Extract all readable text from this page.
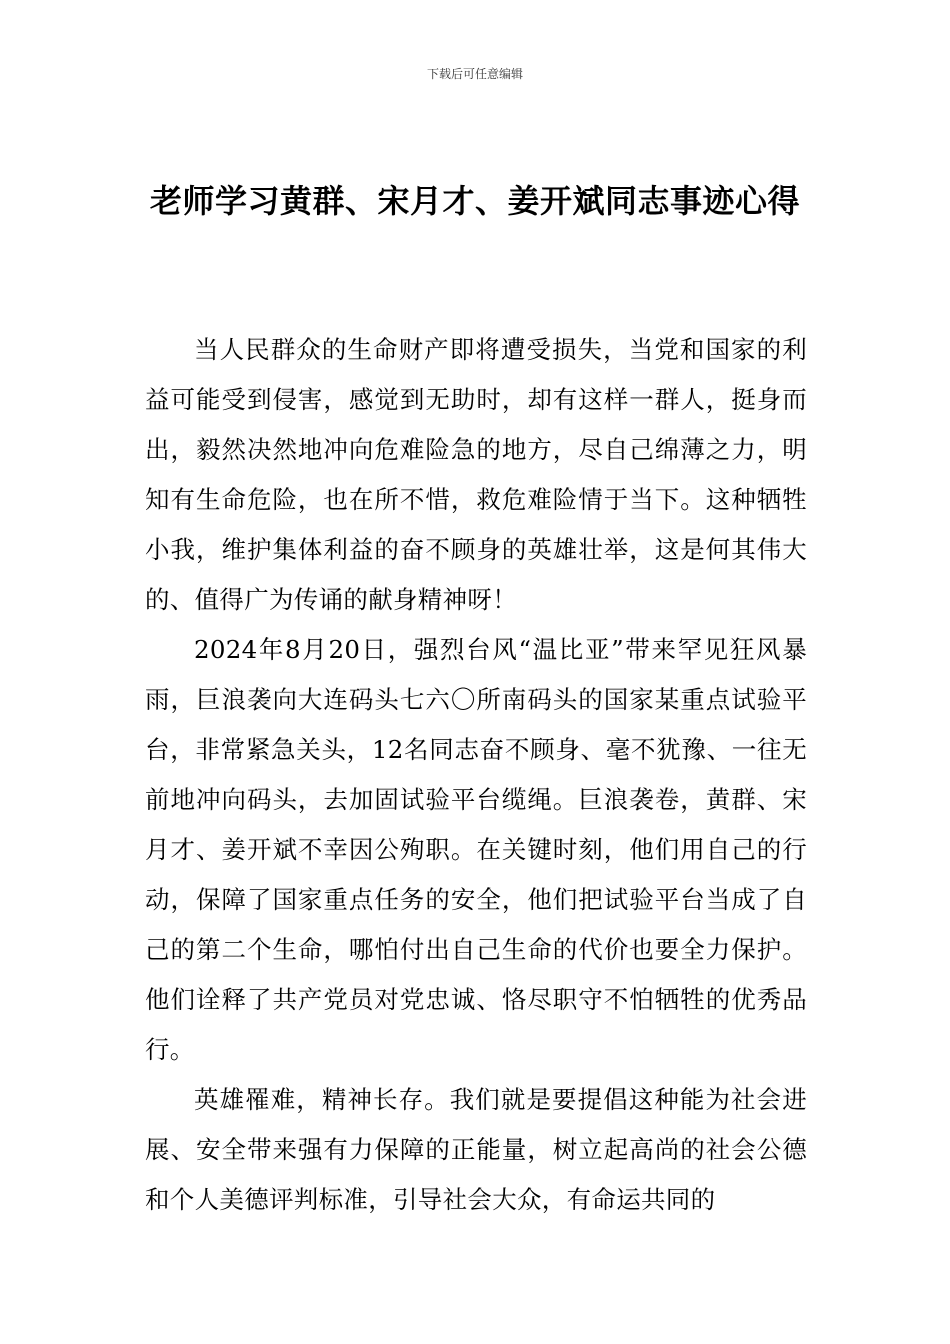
下载后可任意编辑
老师学习黄群、宋月才、姜开斌同志事迹心得

当人民群众的生命财产即将遭受损失，当党和国家的利益可能受到侵害，感觉到无助时，却有这样一群人，挺身而出，毅然决然地冲向危难险急的地方，尽自己绵薄之力，明知有生命危险，也在所不惜，救危难险情于当下。这种牺牲小我，维护集体利益的奋不顾身的英雄壮举，这是何其伟大的、值得广为传诵的献身精神呀！

2024年8月20日，强烈台风“温比亚”带来罕见狂风暴雨，巨浪袭向大连码头七六〇所南码头的国家某重点试验平台，非常紧急关头，12名同志奋不顾身、毫不犹豫、一往无前地冲向码头，去加固试验平台缆绳。巨浪袭卷，黄群、宋月才、姜开斌不幸因公殉职。在关键时刻，他们用自己的行动，保障了国家重点任务的安全，他们把试验平台当成了自己的第二个生命，哪怕付出自己生命的代价也要全力保护。他们诠释了共产党员对党忠诚、恪尽职守不怕牺牲的优秀品行。

英雄罹难，精神长存。我们就是要提倡这种能为社会进展、安全带来强有力保障的正能量，树立起高尚的社会公德和个人美德评判标准，引导社会大众，有命运共同的
